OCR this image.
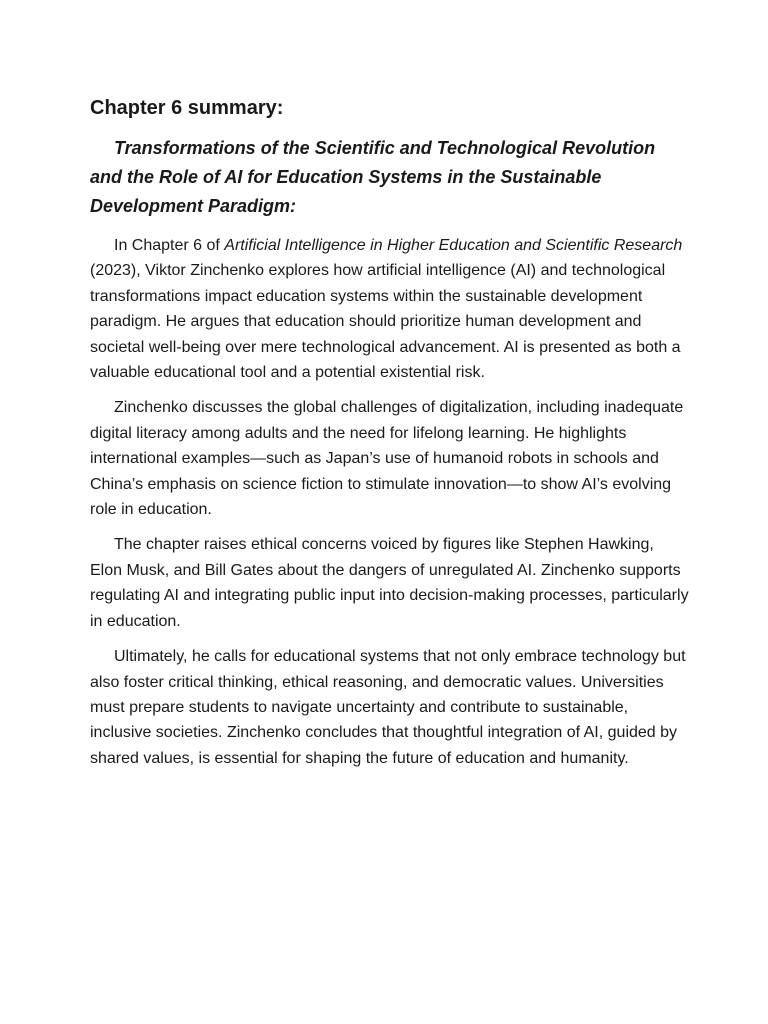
Chapter 6 summary:
Transformations of the Scientific and Technological Revolution and the Role of AI for Education Systems in the Sustainable Development Paradigm:

In Chapter 6 of Artificial Intelligence in Higher Education and Scientific Research (2023), Viktor Zinchenko explores how artificial intelligence (AI) and technological transformations impact education systems within the sustainable development paradigm. He argues that education should prioritize human development and societal well-being over mere technological advancement. AI is presented as both a valuable educational tool and a potential existential risk.

Zinchenko discusses the global challenges of digitalization, including inadequate digital literacy among adults and the need for lifelong learning. He highlights international examples—such as Japan’s use of humanoid robots in schools and China’s emphasis on science fiction to stimulate innovation—to show AI’s evolving role in education.

The chapter raises ethical concerns voiced by figures like Stephen Hawking, Elon Musk, and Bill Gates about the dangers of unregulated AI. Zinchenko supports regulating AI and integrating public input into decision-making processes, particularly in education.

Ultimately, he calls for educational systems that not only embrace technology but also foster critical thinking, ethical reasoning, and democratic values. Universities must prepare students to navigate uncertainty and contribute to sustainable, inclusive societies. Zinchenko concludes that thoughtful integration of AI, guided by shared values, is essential for shaping the future of education and humanity.
